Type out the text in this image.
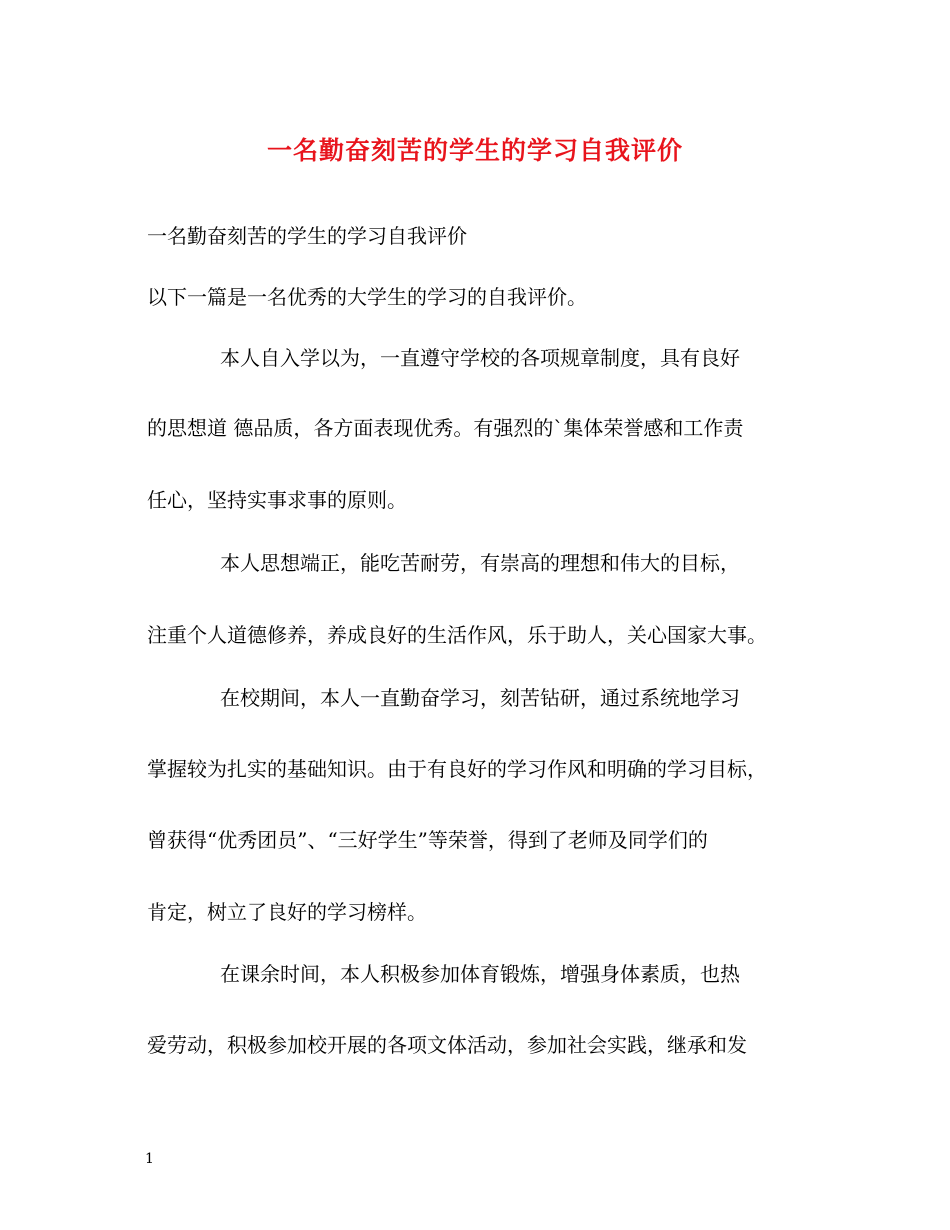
一名勤奋刻苦的学生的学习自我评价
一名勤奋刻苦的学生的学习自我评价
以下一篇是一名优秀的大学生的学习的自我评价。
本人自入学以为，一直遵守学校的各项规章制度，具有良好
的思想道 德品质，各方面表现优秀。有强烈的`集体荣誉感和工作责
任心，坚持实事求事的原则。
本人思想端正，能吃苦耐劳，有崇高的理想和伟大的目标，
注重个人道德修养，养成良好的生活作风，乐于助人，关心国家大事。
在校期间，本人一直勤奋学习，刻苦钻研，通过系统地学习
掌握较为扎实的基础知识。由于有良好的学习作风和明确的学习目标，
曾获得“优秀团员”、“三好学生”等荣誉，得到了老师及同学们的
肯定，树立了良好的学习榜样。
在课余时间，本人积极参加体育锻炼，增强身体素质，也热
爱劳动，积极参加校开展的各项文体活动，参加社会实践，继承和发
1
